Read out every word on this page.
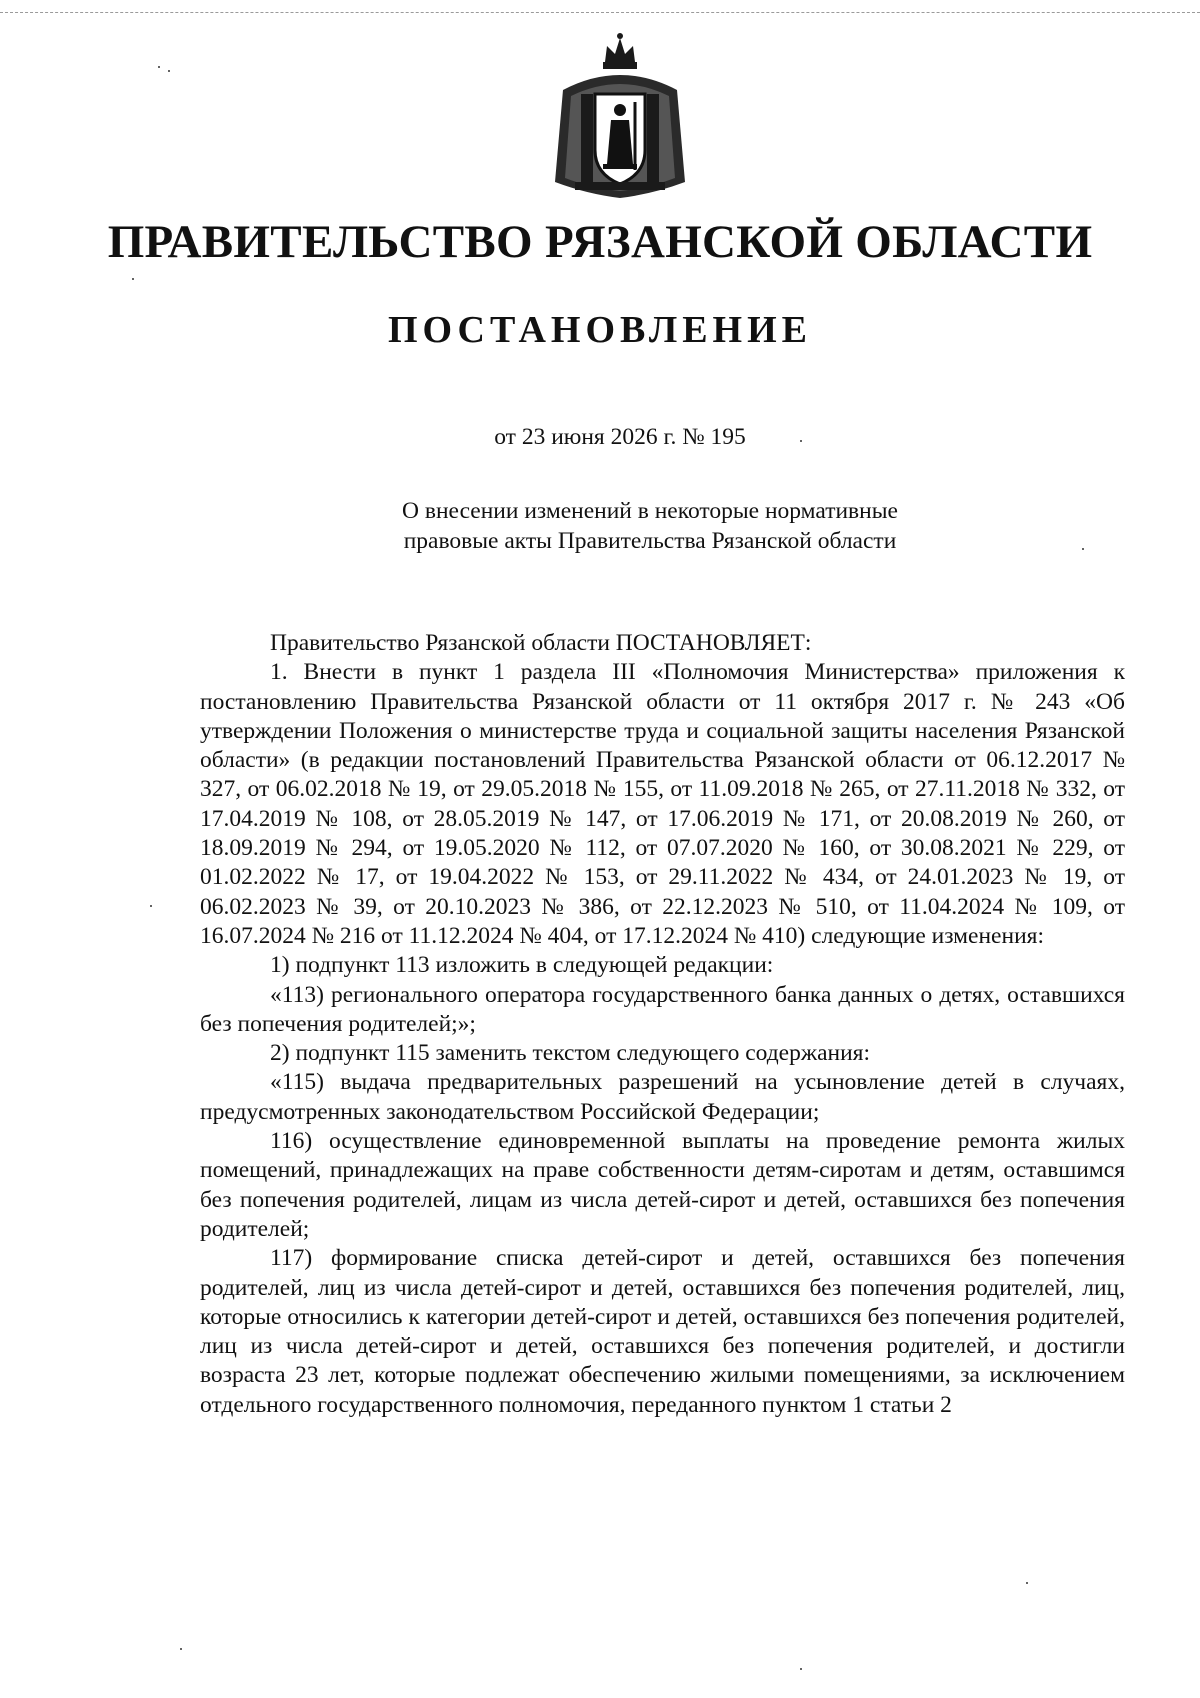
ПРАВИТЕЛЬСТВО РЯЗАНСКОЙ ОБЛАСТИ
ПОСТАНОВЛЕНИЕ
от 23 июня 2026 г. № 195
О внесении изменений в некоторые нормативные
правовые акты Правительства Рязанской области

Правительство Рязанской области ПОСТАНОВЛЯЕТ:

1. Внести в пункт 1 раздела III «Полномочия Министерства» приложения к постановлению Правительства Рязанской области от 11 октября 2017 г. № 243 «Об утверждении Положения о министерстве труда и социальной защиты населения Рязанской области» (в редакции постановлений Правительства Рязанской области от 06.12.2017 № 327, от 06.02.2018 № 19, от 29.05.2018 № 155, от 11.09.2018 № 265, от 27.11.2018 № 332, от 17.04.2019 № 108, от 28.05.2019 № 147, от 17.06.2019 № 171, от 20.08.2019 № 260, от 18.09.2019 № 294, от 19.05.2020 № 112, от 07.07.2020 № 160, от 30.08.2021 № 229, от 01.02.2022 № 17, от 19.04.2022 № 153, от 29.11.2022 № 434, от 24.01.2023 № 19, от 06.02.2023 № 39, от 20.10.2023 № 386, от 22.12.2023 № 510, от 11.04.2024 № 109, от 16.07.2024 № 216 от 11.12.2024 № 404, от 17.12.2024 № 410) следующие изменения:

1) подпункт 113 изложить в следующей редакции:

«113) регионального оператора государственного банка данных о детях, оставшихся без попечения родителей;»;

2) подпункт 115 заменить текстом следующего содержания:

«115) выдача предварительных разрешений на усыновление детей в случаях, предусмотренных законодательством Российской Федерации;

116) осуществление единовременной выплаты на проведение ремонта жилых помещений, принадлежащих на праве собственности детям-сиротам и детям, оставшимся без попечения родителей, лицам из числа детей-сирот и детей, оставшихся без попечения родителей;

117) формирование списка детей-сирот и детей, оставшихся без попечения родителей, лиц из числа детей-сирот и детей, оставшихся без попечения родителей, лиц, которые относились к категории детей-сирот и детей, оставшихся без попечения родителей, лиц из числа детей-сирот и детей, оставшихся без попечения родителей, и достигли возраста 23 лет, которые подлежат обеспечению жилыми помещениями, за исключением отдельного государственного полномочия, переданного пунктом 1 статьи 2
